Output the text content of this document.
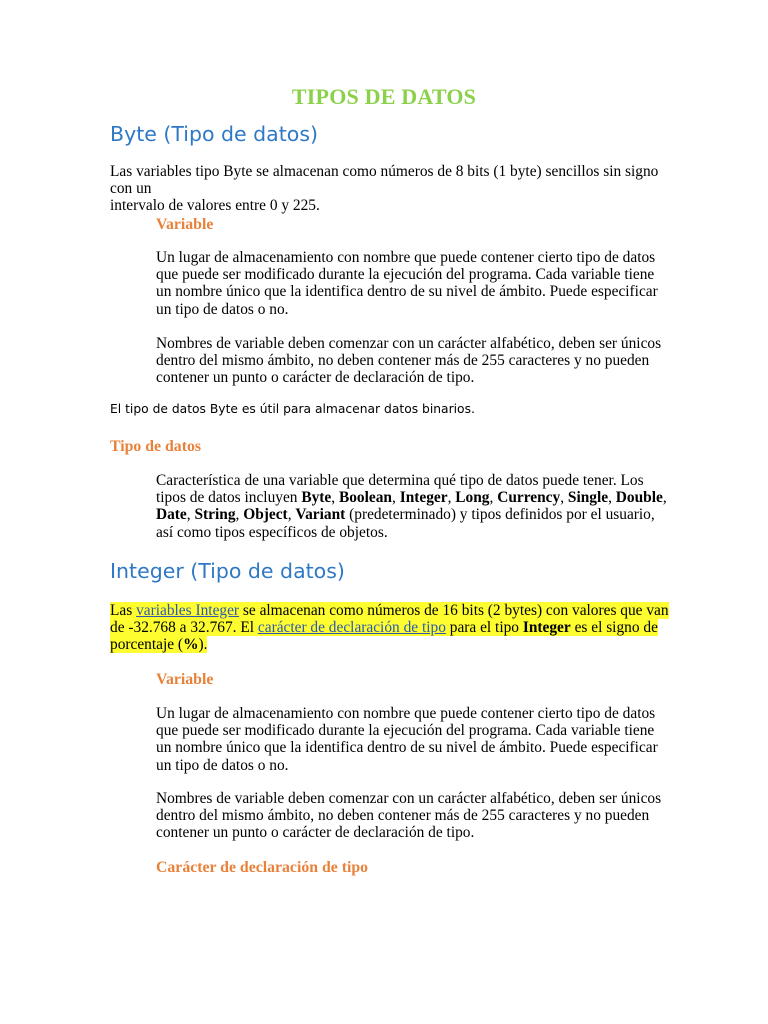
TIPOS DE DATOS
Byte (Tipo de datos)
Las variables tipo Byte se almacenan como números de 8 bits (1 byte) sencillos sin signo con un
intervalo de valores entre 0 y 225.
Variable
Un lugar de almacenamiento con nombre que puede contener cierto tipo de datos que puede ser modificado durante la ejecución del programa. Cada variable tiene un nombre único que la identifica dentro de su nivel de ámbito. Puede especificar un tipo de datos o no.
Nombres de variable deben comenzar con un carácter alfabético, deben ser únicos dentro del mismo ámbito, no deben contener más de 255 caracteres y no pueden contener un punto o carácter de declaración de tipo.
El tipo de datos Byte es útil para almacenar datos binarios.
Tipo de datos
Característica de una variable que determina qué tipo de datos puede tener. Los tipos de datos incluyen Byte, Boolean, Integer, Long, Currency, Single, Double, Date, String, Object, Variant (predeterminado) y tipos definidos por el usuario, así como tipos específicos de objetos.
Integer (Tipo de datos)
Las variables Integer se almacenan como números de 16 bits (2 bytes) con valores que van de -32.768 a 32.767. El carácter de declaración de tipo para el tipo Integer es el signo de porcentaje (%).
Variable
Un lugar de almacenamiento con nombre que puede contener cierto tipo de datos que puede ser modificado durante la ejecución del programa. Cada variable tiene un nombre único que la identifica dentro de su nivel de ámbito. Puede especificar un tipo de datos o no.
Nombres de variable deben comenzar con un carácter alfabético, deben ser únicos dentro del mismo ámbito, no deben contener más de 255 caracteres y no pueden contener un punto o carácter de declaración de tipo.
Carácter de declaración de tipo
